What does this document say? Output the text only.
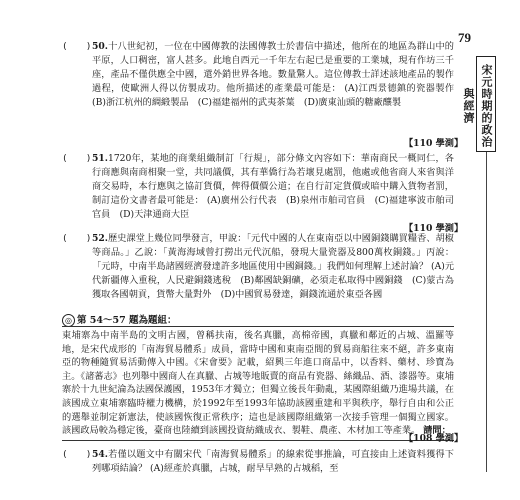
79
宋元時期的政治與經濟
(　　) 50.十八世紀初，一位在中國傳教的法國傳教士於書信中描述，他所在的地區為群山中的平原，人口稠密，富人甚多。此地自西元一千年左右起已是重要的工業城，現有作坊三千座，產品不僅供應全中國，還外銷世界各地。數量驚人。這位傳教士詳述該地產品的製作過程，使歐洲人得以仿製成功。他所描述的產業最可能是： (A)江西景德鎮的瓷器製作　(B)浙江杭州的綢緞製品　(C)福建福州的武夷茶葉　(D)廣東汕頭的糖廠釀製
【110 學測】
(　　) 51.1720年，某地的商業組織制訂「行規」，部分條文內容如下：華南商民一概同仁，各行商應與南商相聚一堂，共同議價，其有華僑行為若壞見處罰，他處或他省商人來省與洋商交易時，本行應與之協訂貨價，俾得價價公道；在自行訂定貨價或暗中購入貨物者罰，制訂這份文書者最可能是： (A)廣州公行代表　(B)泉州市舶司官員　(C)福建寧波市舶司官員　(D)天津通商大臣
【110 學測】
(　　) 52.歷史課堂上幾位同學發言，甲說：「元代中國的人在東南亞以中國銅錢購買糧香、胡椒等商品。」乙說：「黃海海域曾打撈出元代沉船，發現大量瓷器及800萬枚銅錢。」丙說：「元時，中南半島諸國經濟發達許多地區使用中國銅錢。」我們如何理解上述討論？ (A)元代新疆傳入重稅，人民避銅錢逃稅　(B)鄰國缺銅礦，必須走私取得中國銅錢　(C)蒙古為獲取各國朝貢，貨幣大量對外　(D)中國貿易發達，銅錢流通於東亞各國
◎ 第 54～57 題為題組：
東埔寨為中南半島的文明古國，曾稱扶南，後名真臘，高棉帝國，真臘和鄰近的占城、溫羅等地，是宋代成形的「南海貿易體系」成員，當時中國和東南亞間的貿易商船往來不絕，許多東南亞的物種隨貿易活動傳入中國。《宋會要》記載，紹興三年進口商品中，以香料、藥材、珍寶為主。《諸蕃志》也列舉中國商人在真臘、占城等地販賣的商品有瓷器、絲織品、酒、漆器等。東埔寨於十九世紀淪為法國保護國，1953年才獨立；但獨立後長年動亂，某國際組織乃進場共議，在該國成立東埔寨臨時權力機構，於1992年至1993年協助該國重建和平與秩序，舉行自由和公正的選舉並制定新憲法，使該國恢復正常秩序；這也是該國際組織第一次接手管理一個獨立國家。該國政局較為穩定後，臺商也陸續到該國投資紡織成衣、製鞋、農產、木材加工等產業。 請問：
【108 學測】
(　　) 54.若僅以題文中有關宋代「南海貿易體系」的線索從事推論，可直接由上述資料獲得下列哪項結論？ (A)經產於真臘，占城，耐旱早熟的占城稻，至
